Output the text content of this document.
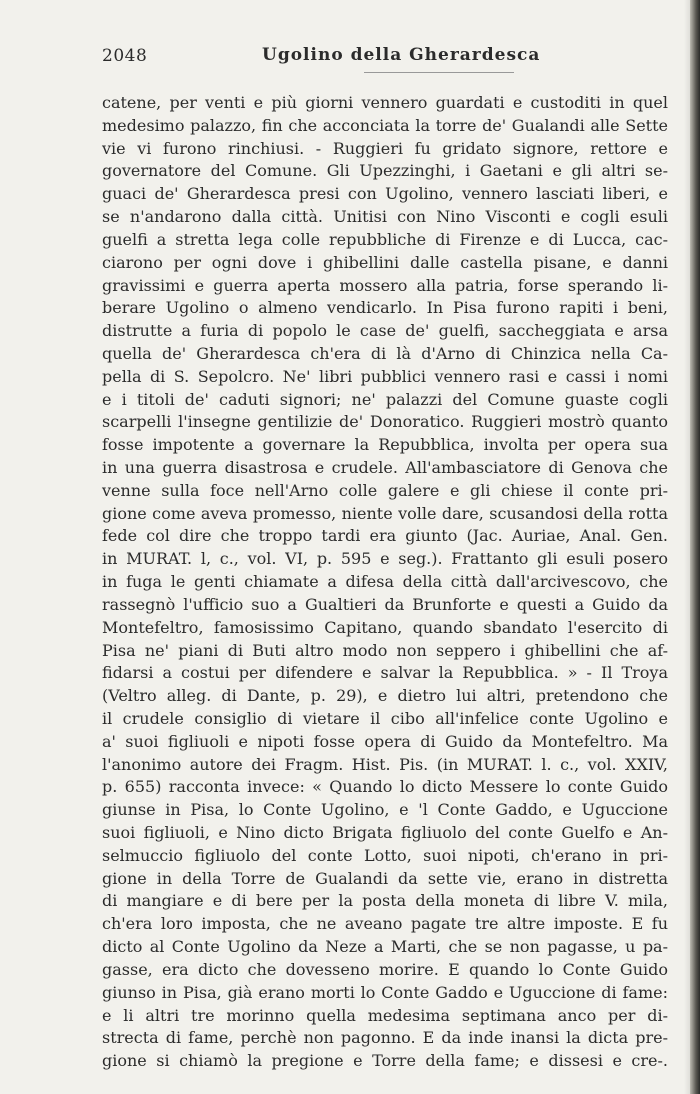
2048	Ugolino della Gherardesca
catene, per venti e più giorni vennero guardati e custoditi in quel
medesimo palazzo, fin che acconciata la torre de' Gualandi alle Sette
vie vi furono rinchiusi. - Ruggieri fu gridato signore, rettore e
governatore del Comune. Gli Upezzinghi, i Gaetani e gli altri se-
guaci de' Gherardesca presi con Ugolino, vennero lasciati liberi, e
se n'andarono dalla città. Unitisi con Nino Visconti e cogli esuli
guelfi a stretta lega colle repubbliche di Firenze e di Lucca, cac-
ciarono per ogni dove i ghibellini dalle castella pisane, e danni
gravissimi e guerra aperta mossero alla patria, forse sperando li-
berare Ugolino o almeno vendicarlo. In Pisa furono rapiti i beni,
distrutte a furia di popolo le case de' guelfi, saccheggiata e arsa
quella de' Gherardesca ch'era di là d'Arno di Chinzica nella Ca-
pella di S. Sepolcro. Ne' libri pubblici vennero rasi e cassi i nomi
e i titoli de' caduti signori; ne' palazzi del Comune guaste cogli
scarpelli l'insegne gentilizie de' Donoratico. Ruggieri mostrò quanto
fosse impotente a governare la Repubblica, involta per opera sua
in una guerra disastrosa e crudele. All'ambasciatore di Genova che
venne sulla foce nell'Arno colle galere e gli chiese il conte pri-
gione come aveva promesso, niente volle dare, scusandosi della rotta
fede col dire che troppo tardi era giunto (Jac. Auriae, Anal. Gen.
in MURAT. l, c., vol. VI, p. 595 e seg.). Frattanto gli esuli posero
in fuga le genti chiamate a difesa della città dall'arcivescovo, che
rassegnò l'ufficio suo a Gualtieri da Brunforte e questi a Guido da
Montefeltro, famosissimo Capitano, quando sbandato l'esercito di
Pisa ne' piani di Buti altro modo non seppero i ghibellini che af-
fidarsi a costui per difendere e salvar la Repubblica. » - Il Troya
(Veltro alleg. di Dante, p. 29), e dietro lui altri, pretendono che
il crudele consiglio di vietare il cibo all'infelice conte Ugolino e
a' suoi figliuoli e nipoti fosse opera di Guido da Montefeltro. Ma
l'anonimo autore dei Fragm. Hist. Pis. (in MURAT. l. c., vol. XXIV,
p. 655) racconta invece: « Quando lo dicto Messere lo conte Guido
giunse in Pisa, lo Conte Ugolino, e 'l Conte Gaddo, e Uguccione
suoi figliuoli, e Nino dicto Brigata figliuolo del conte Guelfo e An-
selmuccio figliuolo del conte Lotto, suoi nipoti, ch'erano in pri-
gione in della Torre de Gualandi da sette vie, erano in distretta
di mangiare e di bere per la posta della moneta di libre V. mila,
ch'era loro imposta, che ne aveano pagate tre altre imposte. E fu
dicto al Conte Ugolino da Neze a Marti, che se non pagasse, u pa-
gasse, era dicto che dovesseno morire. E quando lo Conte Guido
giunso in Pisa, già erano morti lo Conte Gaddo e Uguccione di fame:
e li altri tre morinno quella medesima septimana anco per di-
strecta di fame, perchè non pagonno. E da inde inansi la dicta pre-
gione si chiamò la pregione e Torre della fame; e dissesi e cre-.
